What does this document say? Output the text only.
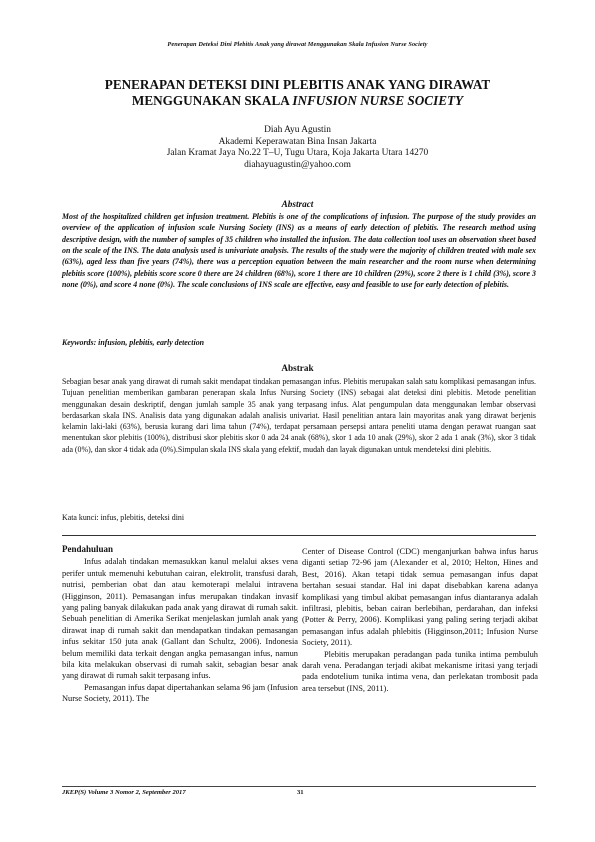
Penerapan Deteksi Dini Plebitis Anak yang dirawat Menggunakan Skala Infusion Nurse Society
PENERAPAN DETEKSI DINI PLEBITIS ANAK YANG DIRAWAT
MENGGUNAKAN SKALA INFUSION NURSE SOCIETY
Diah Ayu Agustin
Akademi Keperawatan Bina Insan Jakarta
Jalan Kramat Jaya No.22 T–U, Tugu Utara, Koja Jakarta Utara 14270
diahayuagustin@yahoo.com
Abstract
Most of the hospitalized children get infusion treatment. Plebitis is one of the complications of infusion. The purpose of the study provides an overview of the application of infusion scale Nursing Society (INS) as a means of early detection of plebitis. The research method using descriptive design, with the number of samples of 35 children who installed the infusion. The data collection tool uses an observation sheet based on the scale of the INS. The data analysis used is univariate analysis. The results of the study were the majority of children treated with male sex (63%), aged less than five years (74%), there was a perception equation between the main researcher and the room nurse when determining plebitis score (100%), plebitis score score 0 there are 24 children (68%), score 1 there are 10 children (29%), score 2 there is 1 child (3%), score 3 none (0%), and score 4 none (0%). The scale conclusions of INS scale are effective, easy and feasible to use for early detection of plebitis.
Keywords: infusion, plebitis, early detection
Abstrak
Sebagian besar anak yang dirawat di rumah sakit mendapat tindakan pemasangan infus. Plebitis merupakan salah satu komplikasi pemasangan infus. Tujuan penelitian memberikan gambaran penerapan skala Infus Nursing Society (INS) sebagai alat deteksi dini plebitis. Metode penelitian menggunakan desain deskriptif, dengan jumlah sample 35 anak yang terpasang infus. Alat pengumpulan data menggunakan lembar observasi berdasarkan skala INS. Analisis data yang digunakan adalah analisis univariat. Hasil penelitian antara lain mayoritas anak yang dirawat berjenis kelamin laki-laki (63%), berusia kurang dari lima tahun (74%), terdapat persamaan persepsi antara peneliti utama dengan perawat ruangan saat menentukan skor plebitis (100%), distribusi skor plebitis skor 0 ada 24 anak (68%), skor 1 ada 10 anak (29%), skor 2 ada 1 anak (3%), skor 3 tidak ada (0%), dan skor 4 tidak ada (0%).Simpulan skala INS skala yang efektif, mudah dan layak digunakan untuk mendeteksi dini plebitis.
Kata kunci: infus, plebitis, deteksi dini
Pendahuluan

Infus adalah tindakan memasukkan kanul melalui akses vena perifer untuk memenuhi kebutuhan cairan, elektrolit, transfusi darah, nutrisi, pemberian obat dan atau kemoterapi melalui intravena (Higginson, 2011). Pemasangan infus merupakan tindakan invasif yang paling banyak dilakukan pada anak yang dirawat di rumah sakit. Sebuah penelitian di Amerika Serikat menjelaskan jumlah anak yang dirawat inap di rumah sakit dan mendapatkan tindakan pemasangan infus sekitar 150 juta anak (Gallant dan Schultz, 2006). Indonesia belum memiliki data terkait dengan angka pemasangan infus, namun bila kita melakukan observasi di rumah sakit, sebagian besar anak yang dirawat di rumah sakit terpasang infus.

Pemasangan infus dapat dipertahankan selama 96 jam (Infusion Nurse Society, 2011). The

Center of Disease Control (CDC) menganjurkan bahwa infus harus diganti setiap 72-96 jam (Alexander et al, 2010; Helton, Hines and Best, 2016). Akan tetapi tidak semua pemasangan infus dapat bertahan sesuai standar. Hal ini dapat disebabkan karena adanya komplikasi yang timbul akibat pemasangan infus diantaranya adalah infiltrasi, plebitis, beban cairan berlebihan, perdarahan, dan infeksi (Potter & Perry, 2006). Komplikasi yang paling sering terjadi akibat pemasangan infus adalah phlebitis (Higginson,2011; Infusion Nurse Society, 2011).

Plebitis merupakan peradangan pada tunika intima pembuluh darah vena. Peradangan terjadi akibat mekanisme iritasi yang terjadi pada endotelium tunika intima vena, dan perlekatan trombosit pada area tersebut (INS, 2011).

JKEP(S) Volume 3 Nomor 2, September 2017	31
